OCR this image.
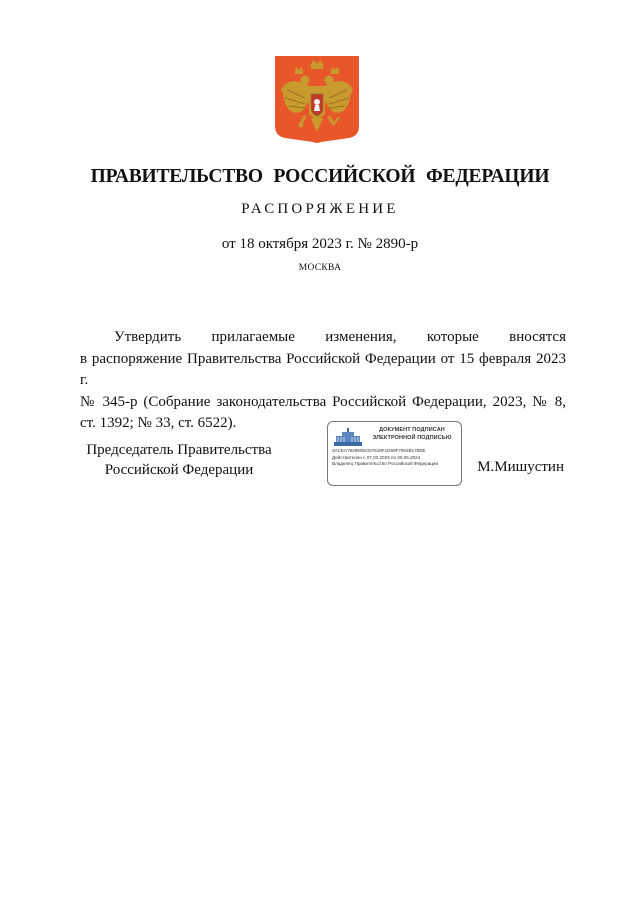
ПРАВИТЕЛЬСТВО РОССИЙСКОЙ ФЕДЕРАЦИИ
РАСПОРЯЖЕНИЕ
от 18 октября 2023 г. № 2890-р
МОСКВА

Утвердить прилагаемые изменения, которые вносятся
в распоряжение Правительства Российской Федерации от 15 февраля 2023 г.
№ 345-р (Собрание законодательства Российской Федерации, 2023, № 8,
ст. 1392; № 33, ст. 6522).

Председатель Правительства
Российской Федерации
ДОКУМЕНТ ПОДПИСАН
ЭЛЕКТРОННОЙ ПОДПИСЬЮ
3ACEA7929605CD7818F1D59F7603B17B0E
Действителен с 07.03.2023 по 30.05.2024
Владелец Правительство Российской Федерации	М.Мишустин
